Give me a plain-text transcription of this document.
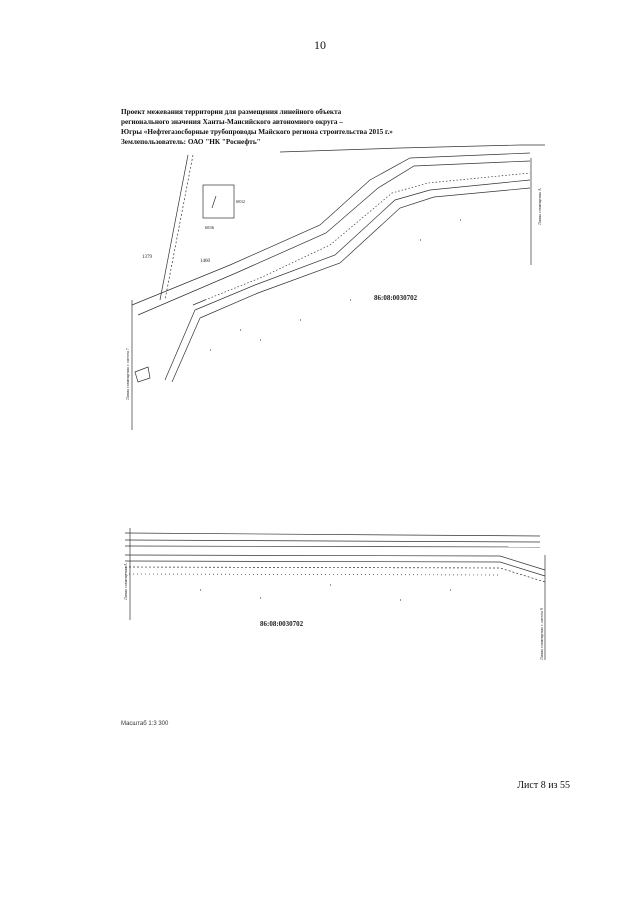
10
Проект межевания территории для размещения линейного объекта
регионального значения Ханты-Мансийского автономного округа –
Югры «Нефтегазосборные трубопроводы Майского региона строительства 2015 г.»
Землепользователь: ОАО "НК "Роснефть"
1379
1460
6832
6836
86:08:0030702
Линия совмещения с листом 7
Линия совмещения А
86:08:0030702
Линия совмещения А
Линия совмещения с листом 9
Масштаб 1:3 300
Лист 8 из 55
